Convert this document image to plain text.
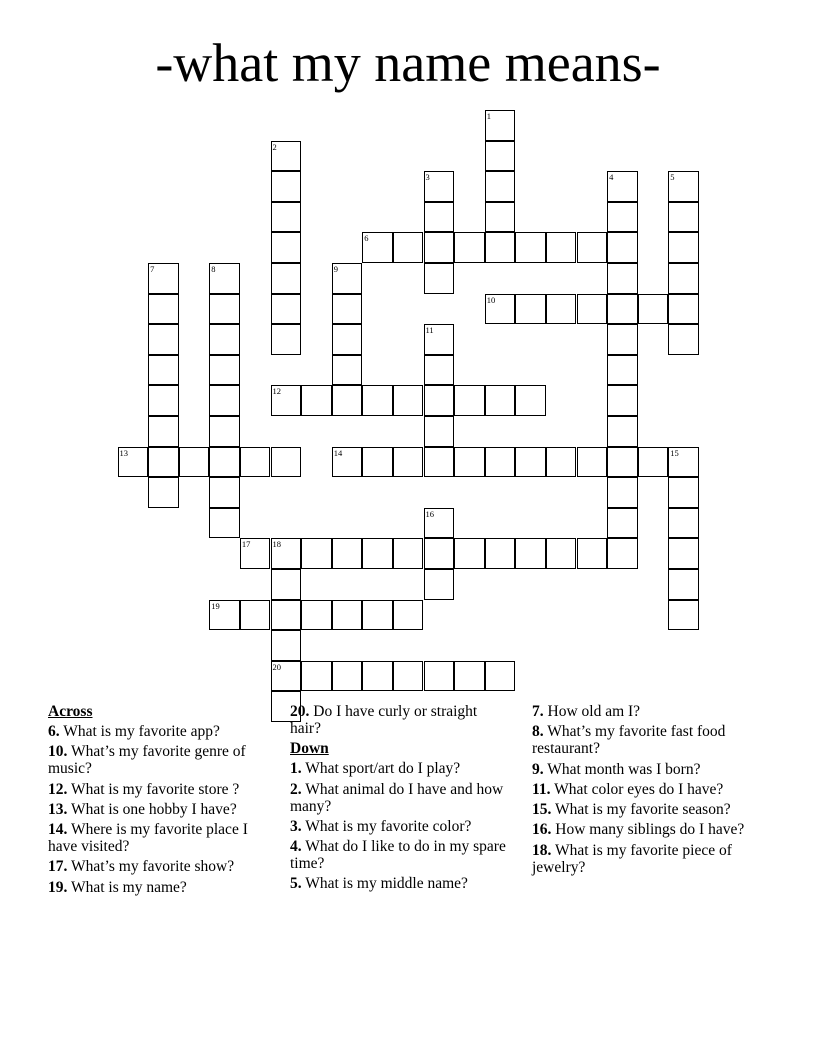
-what my name means-
1
2
3	4	5
6
7	8	9
10
11
12
13	14	15
16
17	18
20
19
Across
6. What is my favorite app?
10. What’s my favorite genre of music?
12. What is my favorite store ?
13. What is one hobby I have?
14. Where is my favorite place I have visited?
17. What’s my favorite show?
19. What is my name?
20. Do I have curly or straight hair?
Down
1. What sport/art do I play?
2. What animal do I have and how many?
3. What is my favorite color?
4. What do I like to do in my spare time?
5. What is my middle name?
7. How old am I?
8. What’s my favorite fast food restaurant?
9. What month was I born?
11. What color eyes do I have?
15. What is my favorite season?
16. How many siblings do I have?
18. What is my favorite piece of jewelry?
